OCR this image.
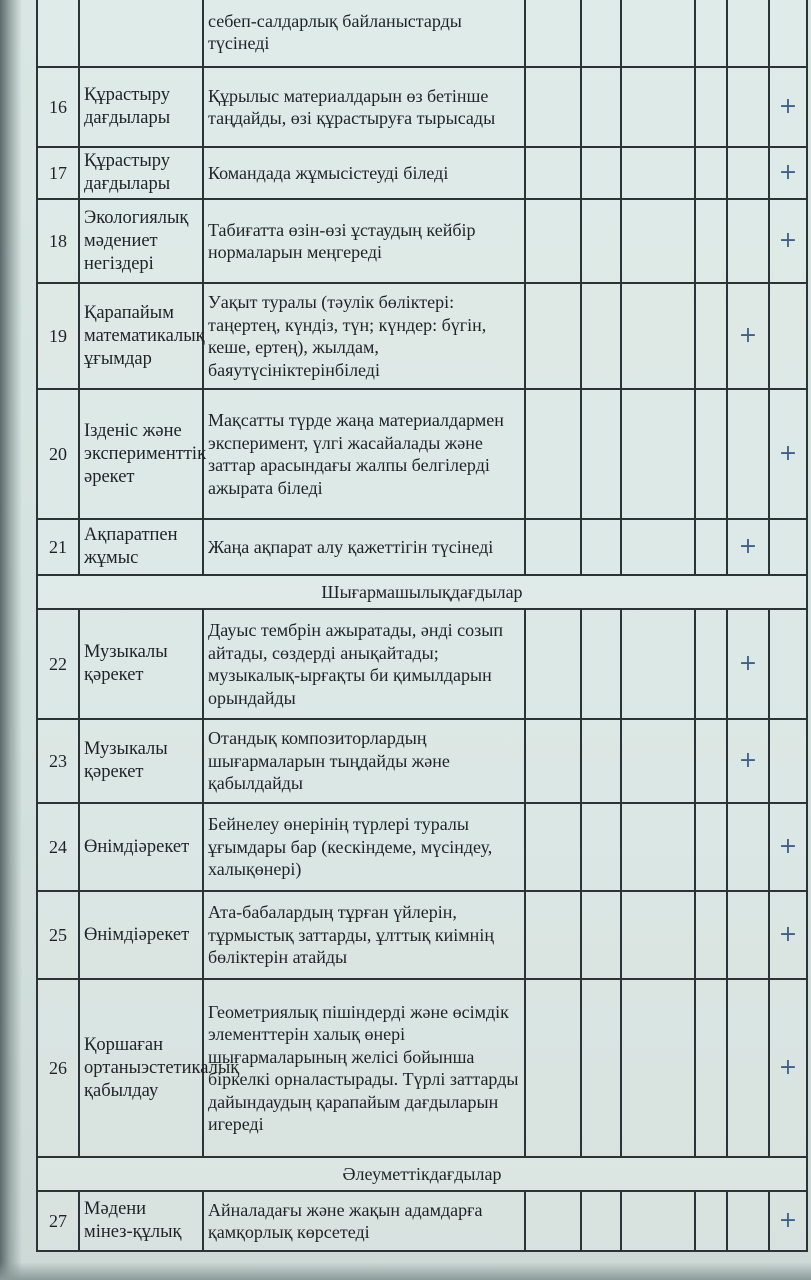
		себеп-салдарлық байланыстарды түсінеді						
16	Құрастыру дағдылары	Құрылыс материалдарын өз бетінше таңдайды, өзі құрастыруға тырысады						+
17	Құрастыру дағдылары	Командада жұмысістеуді біледі						+
18	Экологиялық мәдениет негіздері	Табиғатта өзін-өзі ұстаудың кейбір нормаларын меңгереді						+
19	Қарапайым математикалық ұғымдар	Уақыт туралы (тәулік бөліктері: таңертең, күндіз, түн; күндер: бүгін, кеше, ертең), жылдам, баяутүсініктерінбіледі					+	
20	Ізденіс және эксперименттік әрекет	Мақсатты түрде жаңа материалдармен эксперимент, үлгі жасайалады және заттар арасындағы жалпы белгілерді ажырата біледі						+
21	Ақпаратпен жұмыс	Жаңа ақпарат алу қажеттігін түсінеді					+	
Шығармашылықдағдылар								
22	Музыкалы қәрекет	Дауыс тембрін ажыратады, әнді созып айтады, сөздерді анықайтады; музыкалық-ырғақты би қимылдарын орындайды					+	
23	Музыкалы қәрекет	Отандық композиторлардың шығармаларын тыңдайды және қабылдайды					+	
24	Өнімдіәрекет	Бейнелеу өнерінің түрлері туралы ұғымдары бар (кескіндеме, мүсіндеу, халықөнері)						+
25	Өнімдіәрекет	Ата-бабалардың тұрған үйлерін, тұрмыстық заттарды, ұлттық киімнің бөліктерін атайды						+
26	Қоршаған ортаныэстетикалық қабылдау	Геометриялық пішіндерді және өсімдік элементтерін халық өнері шығармаларының желісі бойынша біркелкі орналастырады. Түрлі заттарды дайындаудың қарапайым дағдыларын игереді						+
Әлеуметтікдағдылар								
27	Мәдени мінез-құлық	Айналадағы және жақын адамдарға қамқорлық көрсетеді						+
